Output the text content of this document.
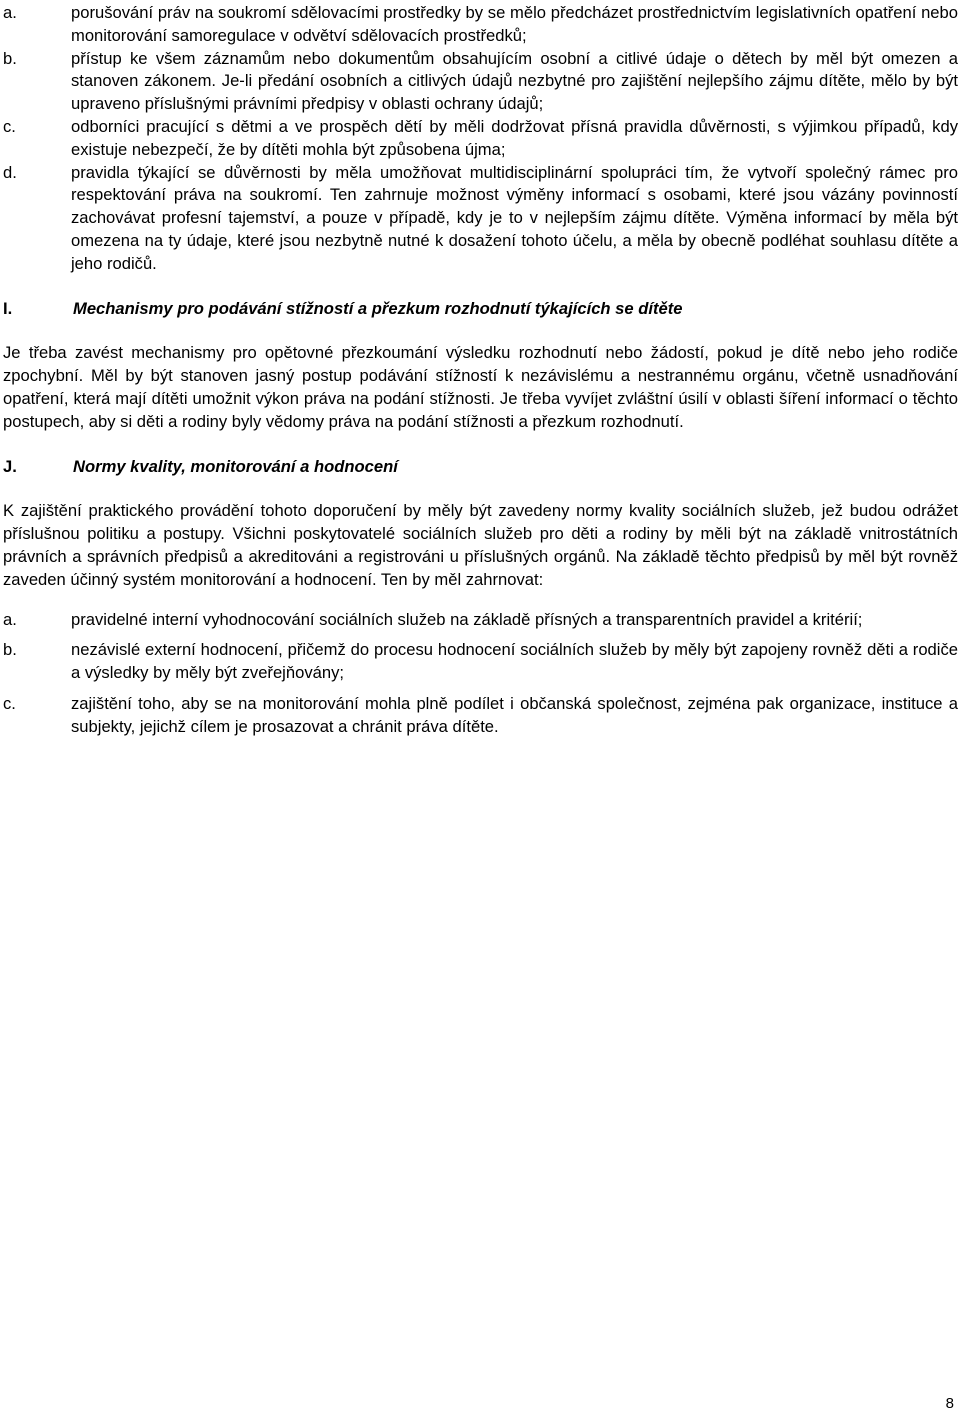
a.	porušování práv na soukromí sdělovacími prostředky by se mělo předcházet prostřednictvím legislativních opatření nebo monitorování samoregulace v odvětví sdělovacích prostředků;
b.	přístup ke všem záznamům nebo dokumentům obsahujícím osobní a citlivé údaje o dětech by měl být omezen a stanoven zákonem. Je-li předání osobních a citlivých údajů nezbytné pro zajištění nejlepšího zájmu dítěte, mělo by být upraveno příslušnými právními předpisy v oblasti ochrany údajů;
c.	odborníci pracující s dětmi a ve prospěch dětí by měli dodržovat přísná pravidla důvěrnosti, s výjimkou případů, kdy existuje nebezpečí, že by dítěti mohla být způsobena újma;
d.	pravidla týkající se důvěrnosti by měla umožňovat multidisciplinární spolupráci tím, že vytvoří společný rámec pro respektování práva na soukromí. Ten zahrnuje možnost výměny informací s osobami, které jsou vázány povinností zachovávat profesní tajemství, a pouze v případě, kdy je to v nejlepším zájmu dítěte. Výměna informací by měla být omezena na ty údaje, které jsou nezbytně nutné k dosažení tohoto účelu, a měla by obecně podléhat souhlasu dítěte a jeho rodičů.
I.	Mechanismy pro podávání stížností a přezkum rozhodnutí týkajících se dítěte

Je třeba zavést mechanismy pro opětovné přezkoumání výsledku rozhodnutí nebo žádostí, pokud je dítě nebo jeho rodiče zpochybní. Měl by být stanoven jasný postup podávání stížností k nezávislému a nestrannému orgánu, včetně usnadňování opatření, která mají dítěti umožnit výkon práva na podání stížnosti. Je třeba vyvíjet zvláštní úsilí v oblasti šíření informací o těchto postupech, aby si děti a rodiny byly vědomy práva na podání stížnosti a přezkum rozhodnutí.

J.	Normy kvality, monitorování a hodnocení

K zajištění praktického provádění tohoto doporučení by měly být zavedeny normy kvality sociálních služeb, jež budou odrážet příslušnou politiku a postupy. Všichni poskytovatelé sociálních služeb pro děti a rodiny by měli být na základě vnitrostátních právních a správních předpisů a akreditováni a registrováni u příslušných orgánů. Na základě těchto předpisů by měl být rovněž zaveden účinný systém monitorování a hodnocení. Ten by měl zahrnovat:

a.	pravidelné interní vyhodnocování sociálních služeb na základě přísných a transparentních pravidel a kritérií;
b.	nezávislé externí hodnocení, přičemž do procesu hodnocení sociálních služeb by měly být zapojeny rovněž děti a rodiče a výsledky by měly být zveřejňovány;
c.	zajištění toho, aby se na monitorování mohla plně podílet i občanská společnost, zejména pak organizace, instituce a subjekty, jejichž cílem je prosazovat a chránit práva dítěte.
8
